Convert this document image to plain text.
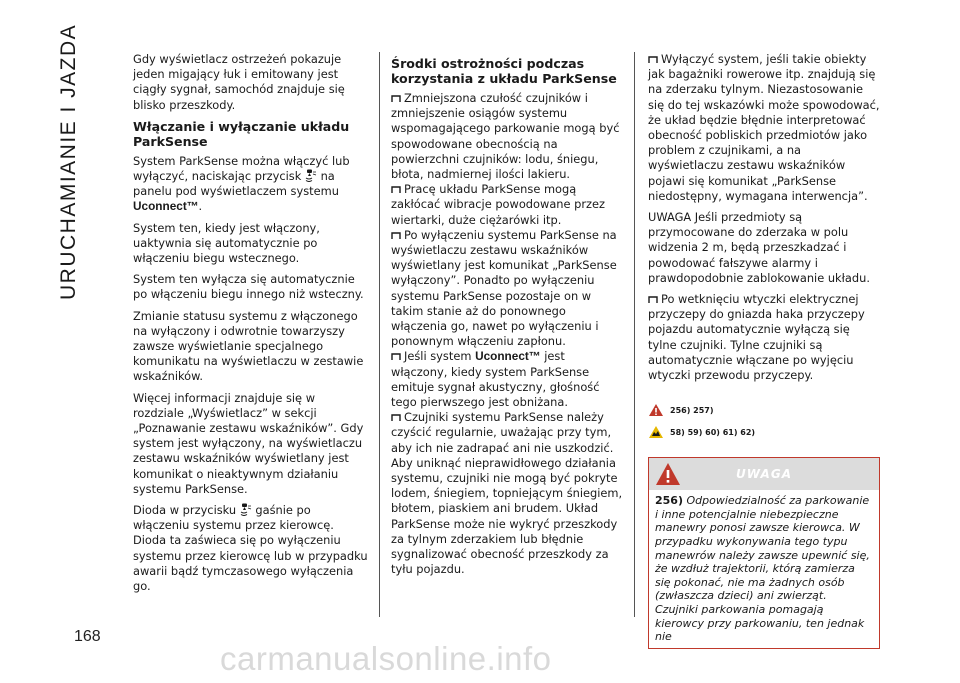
URUCHAMIANIE I JAZDA
168

Gdy wyświetlacz ostrzeżeń pokazuje jeden migający łuk i emitowany jest ciągły sygnał, samochód znajduje się blisko przeszkody.

Włączanie i wyłączanie układu ParkSense

System ParkSense można włączyć lub wyłączyć, naciskając przycisk na panelu pod wyświetlaczem systemu Uconnect™.

System ten, kiedy jest włączony, uaktywnia się automatycznie po włączeniu biegu wstecznego.

System ten wyłącza się automatycznie po włączeniu biegu innego niż wsteczny.

Zmianie statusu systemu z włączonego na wyłączony i odwrotnie towarzyszy zawsze wyświetlanie specjalnego komunikatu na wyświetlaczu w zestawie wskaźników.

Więcej informacji znajduje się w rozdziale „Wyświetlacz” w sekcji „Poznawanie zestawu wskaźników”. Gdy system jest wyłączony, na wyświetlaczu zestawu wskaźników wyświetlany jest komunikat o nieaktywnym działaniu systemu ParkSense.

Dioda w przycisku gaśnie po włączeniu systemu przez kierowcę. Dioda ta zaświeca się po wyłączeniu systemu przez kierowcę lub w przypadku awarii bądź tymczasowego wyłączenia go.

Środki ostrożności podczas korzystania z układu ParkSense

Zmniejszona czułość czujników i zmniejszenie osiągów systemu wspomagającego parkowanie mogą być spowodowane obecnością na powierzchni czujników: lodu, śniegu, błota, nadmiernej ilości lakieru.

Pracę układu ParkSense mogą zakłócać wibracje powodowane przez wiertarki, duże ciężarówki itp.

Po wyłączeniu systemu ParkSense na wyświetlaczu zestawu wskaźników wyświetlany jest komunikat „ParkSense wyłączony”. Ponadto po wyłączeniu systemu ParkSense pozostaje on w takim stanie aż do ponownego włączenia go, nawet po wyłączeniu i ponownym włączeniu zapłonu.

Jeśli system Uconnect™ jest włączony, kiedy system ParkSense emituje sygnał akustyczny, głośność tego pierwszego jest obniżana.

Czujniki systemu ParkSense należy czyścić regularnie, uważając przy tym, aby ich nie zadrapać ani nie uszkodzić. Aby uniknąć nieprawidłowego działania systemu, czujniki nie mogą być pokryte lodem, śniegiem, topniejącym śniegiem, błotem, piaskiem ani brudem. Układ ParkSense może nie wykryć przeszkody za tylnym zderzakiem lub błędnie sygnalizować obecność przeszkody za tyłu pojazdu.

Wyłączyć system, jeśli takie obiekty jak bagażniki rowerowe itp. znajdują się na zderzaku tylnym. Niezastosowanie się do tej wskazówki może spowodować, że układ będzie błędnie interpretować obecność pobliskich przedmiotów jako problem z czujnikami, a na wyświetlaczu zestawu wskaźników pojawi się komunikat „ParkSense niedostępny, wymagana interwencja”.

UWAGA Jeśli przedmioty są przymocowane do zderzaka w polu widzenia 2 m, będą przeszkadzać i powodować fałszywe alarmy i prawdopodobnie zablokowanie układu.

Po wetknięciu wtyczki elektrycznej przyczepy do gniazda haka przyczepy pojazdu automatycznie wyłączą się tylne czujniki. Tylne czujniki są automatycznie włączane po wyjęciu wtyczki przewodu przyczepy.

256) 257)
58) 59) 60) 61) 62)
UWAGA
256) Odpowiedzialność za parkowanie i inne potencjalnie niebezpieczne manewry ponosi zawsze kierowca. W przypadku wykonywania tego typu manewrów należy zawsze upewnić się, że wzdłuż trajektorii, którą zamierza się pokonać, nie ma żadnych osób (zwłaszcza dzieci) ani zwierząt. Czujniki parkowania pomagają kierowcy przy parkowaniu, ten jednak nie
carmanualsonline.info
